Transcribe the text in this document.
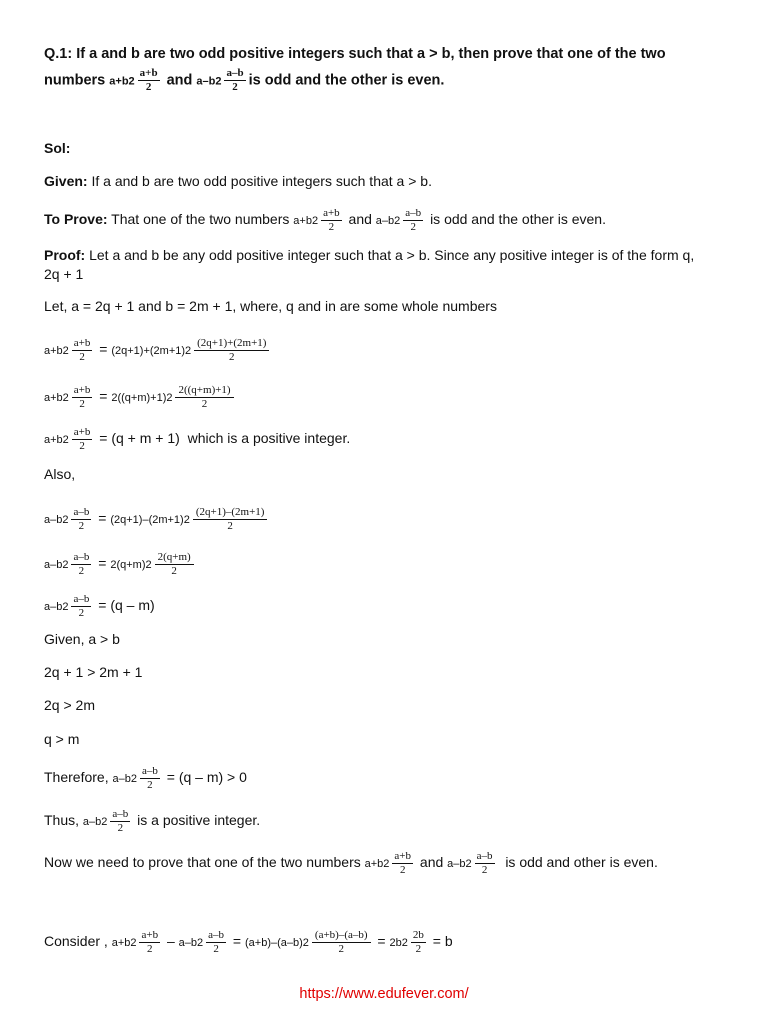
Q.1: If a and b are two odd positive integers such that a > b, then prove that one of the two
numbers $a+b2 \frac{a+b}{2}$ and $a-b2 \frac{a-b}{2}$ is odd and the other is even.
Sol:
Given: If a and b are two odd positive integers such that a > b.
To Prove: That one of the two numbers $a+b2 \frac{a+b}{2}$ and $a-b2 \frac{a-b}{2}$ is odd and the other is even.
Proof: Let a and b be any odd positive integer such that a > b. Since any positive integer is of the form q, 2q + 1
Let, a = 2q + 1 and b = 2m + 1, where, q and in are some whole numbers
$a+b2 \frac{a+b}{2} = (2q+1)+(2m+1)2 \frac{(2q+1)+(2m+1)}{2}$
$a+b2 \frac{a+b}{2} = 2((q+m)+1)2 \frac{2((q+m)+1)}{2}$
$a+b2 \frac{a+b}{2} = (q + m + 1)$ which is a positive integer.
Also,
$a-b2 \frac{a-b}{2} = (2q+1)-(2m+1)2 \frac{(2q+1)-(2m+1)}{2}$
$a-b2 \frac{a-b}{2} = 2(q+m)2 \frac{2(q+m)}{2}$
$a-b2 \frac{a-b}{2} = (q - m)$
Given, a > b
2q + 1 > 2m + 1
2q > 2m
q > m
Therefore, $a-b2 \frac{a-b}{2} = (q - m) > 0$
Thus, $a-b2 \frac{a-b}{2}$ is a positive integer.
Now we need to prove that one of the two numbers $a+b2 \frac{a+b}{2}$ and $a-b2 \frac{a-b}{2}$ is odd and other is even.
Consider , $a+b2 \frac{a+b}{2} - a-b2 \frac{a-b}{2} = (a+b)-(a-b)2 \frac{(a+b)-(a-b)}{2} = 2b2 \frac{2b}{2} = b$
https://www.edufever.com/
